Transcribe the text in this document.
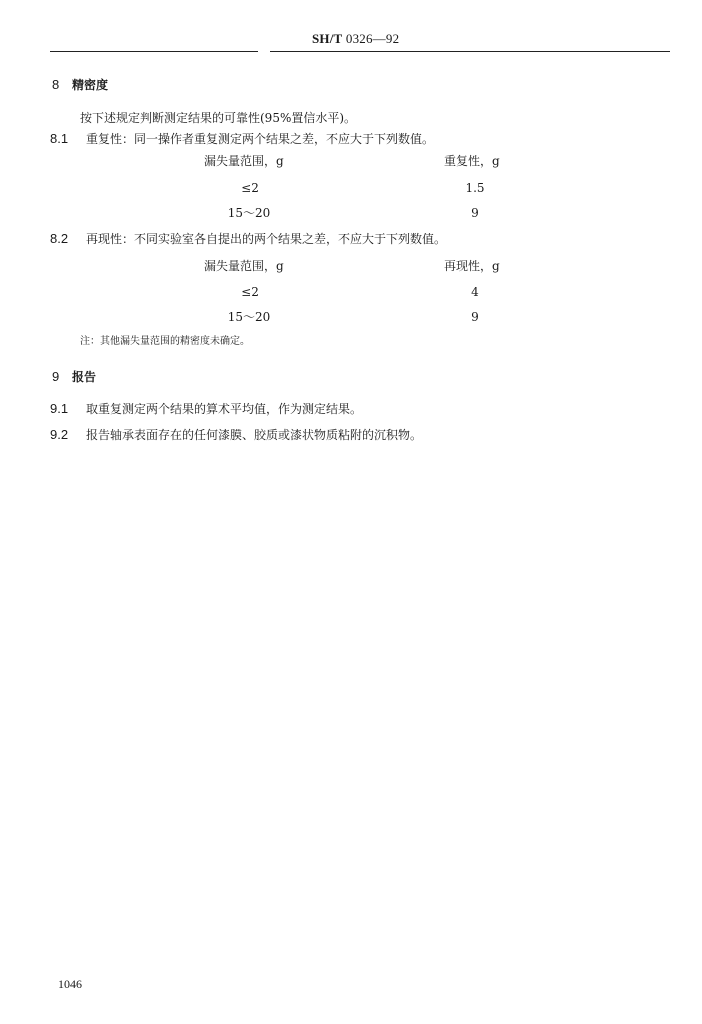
SH/T 0326—92
8 精密度
按下述规定判断测定结果的可靠性(95%置信水平)。
8.1 重复性：同一操作者重复测定两个结果之差，不应大于下列数值。
漏失量范围，g	重复性，g
≤2	1.5
15～20	9
8.2 再现性：不同实验室各自提出的两个结果之差，不应大于下列数值。
漏失量范围，g	再现性，g
≤2	4
15～20	9
注：其他漏失量范围的精密度未确定。
9 报告
9.1 取重复测定两个结果的算术平均值，作为测定结果。
9.2 报告轴承表面存在的任何漆膜、胶质或漆状物质粘附的沉积物。
1046
